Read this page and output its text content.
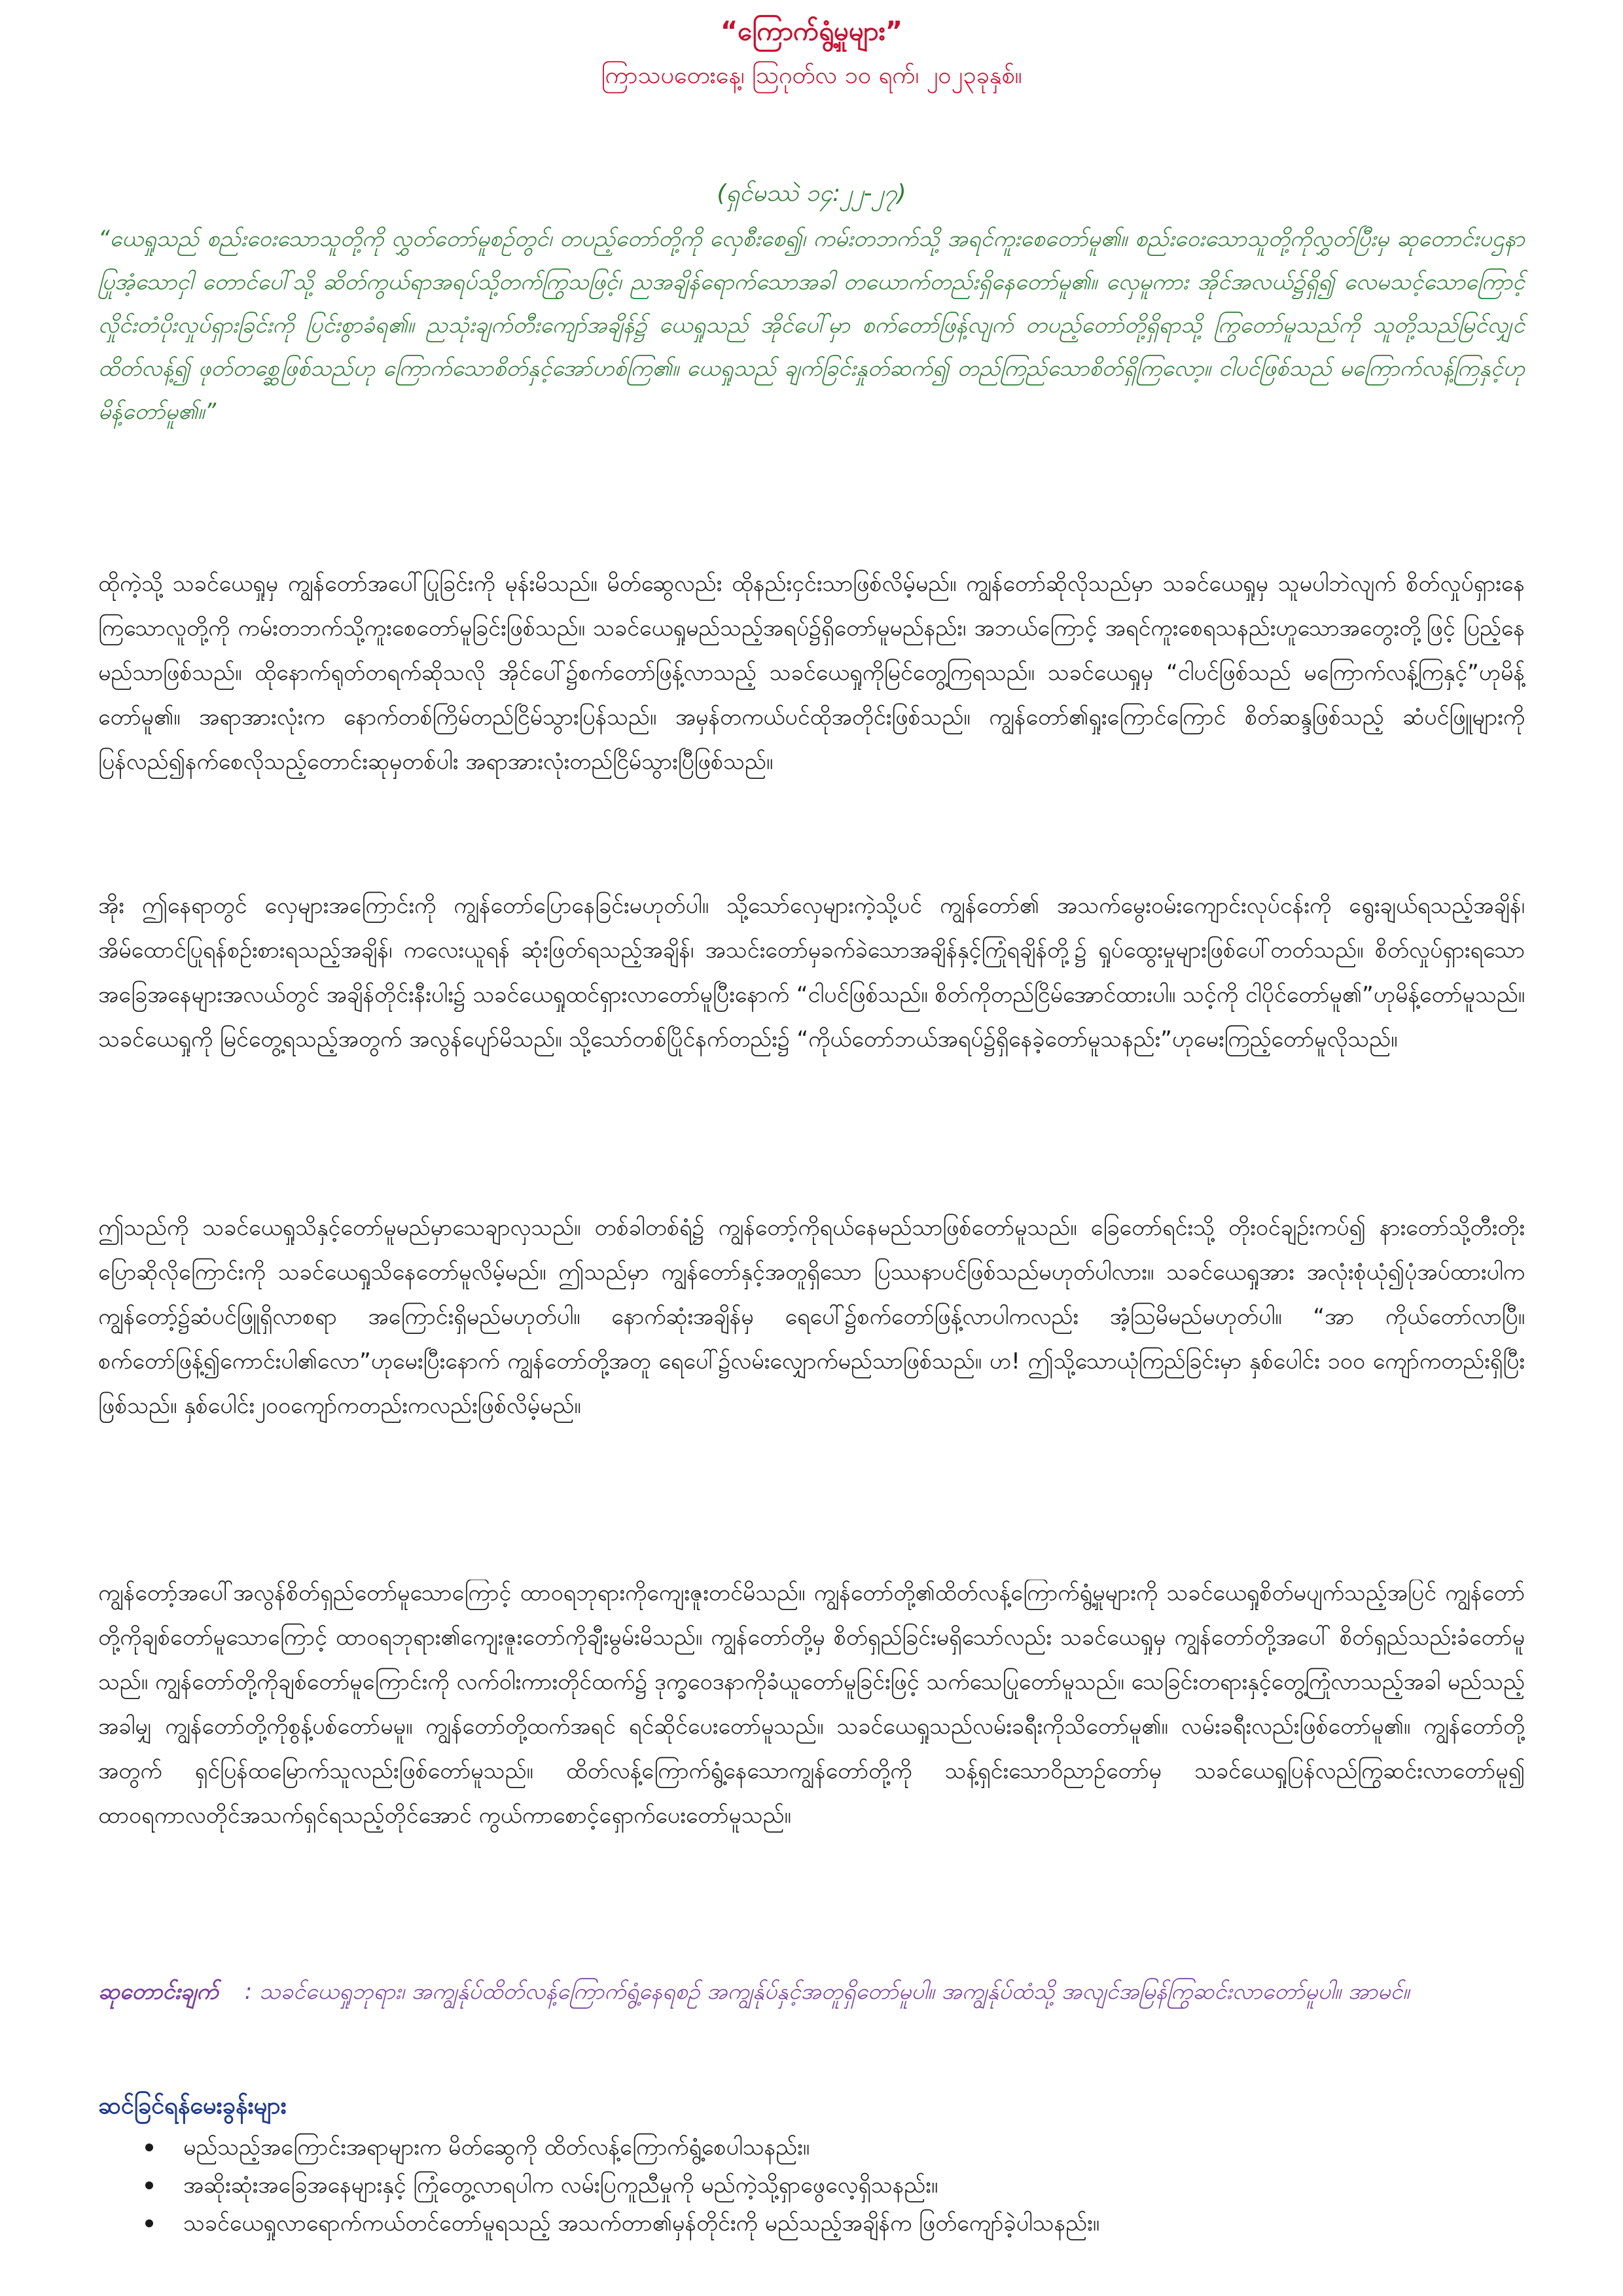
“ကြောက်ရွံ့မှုများ”
ကြာသပတေးနေ့၊ ဩဂုတ်လ ၁၀ ရက်၊ ၂၀၂၃ခုနှစ်။
(ရှင်မဿဲ ၁၄:၂၂-၂၇)
“ယေရှုသည် စည်းဝေးသောသူတို့ကို လွှတ်တော်မူစဉ်တွင်၊ တပည့်တော်တို့ကို လှေစီးစေ၍၊ ကမ်းတဘက်သို့ အရင်ကူးစေတော်မူ၏။ စည်းဝေးသောသူတို့ကိုလွှတ်ပြီးမှ ဆုတောင်းပဌနာပြုအံ့သောငှါ တောင်ပေါ်သို့ ဆိတ်ကွယ်ရာအရပ်သို့တက်ကြွသဖြင့်၊ ညအချိန်ရောက်သောအခါ တယောက်တည်းရှိနေတော်မူ၏။ လှေမူကား အိုင်အလယ်၌ရှိ၍ လေမသင့်သောကြောင့် လှိုင်းတံပိုးလှုပ်ရှားခြင်းကို ပြင်းစွာခံရ၏။ ညသုံးချက်တီးကျော်အချိန်၌ ယေရှုသည် အိုင်ပေါ်မှာ စက်တော်ဖြန့်လျက် တပည့်တော်တို့ရှိရာသို့ ကြွတော်မူသည်ကို သူတို့သည်မြင်လျှင် ထိတ်လန့်၍ ဖုတ်တစ္ဆေဖြစ်သည်ဟု ကြောက်သောစိတ်နှင့်အော်ဟစ်ကြ၏။ ယေရှုသည် ချက်ခြင်းနှုတ်ဆက်၍ တည်ကြည်သောစိတ်ရှိကြလော့။ ငါပင်ဖြစ်သည် မကြောက်လန့်ကြနှင့်ဟု မိန့်တော်မူ၏။”
ထိုကဲ့သို့ သခင်ယေရှုမှ ကျွန်တော်အပေါ်ပြုခြင်းကို မုန်းမိသည်။ မိတ်ဆွေလည်း ထိုနည်းငှင်းသာဖြစ်လိမ့်မည်။ ကျွန်တော်ဆိုလိုသည်မှာ သခင်ယေရှုမှ သူမပါဘဲလျက် စိတ်လှုပ်ရှားနေကြသောလူတို့ကို ကမ်းတဘက်သို့ကူးစေတော်မူခြင်းဖြစ်သည်။ သခင်ယေရှုမည်သည့်အရပ်၌ရှိတော်မူမည်နည်း၊ အဘယ်ကြောင့် အရင်ကူးစေရသနည်းဟူသောအတွေးတို့ဖြင့် ပြည့်နေမည်သာဖြစ်သည်။ ထိုနောက်ရုတ်တရက်ဆိုသလို အိုင်ပေါ်၌စက်တော်ဖြန့်လာသည့် သခင်ယေရှုကိုမြင်တွေ့ကြရသည်။ သခင်ယေရှုမှ “ငါပင်ဖြစ်သည် မကြောက်လန့်ကြနှင့်”ဟုမိန့်တော်မူ၏။ အရာအားလုံးက နောက်တစ်ကြိမ်တည်ငြိမ်သွားပြန်သည်။ အမှန်တကယ်ပင်ထိုအတိုင်းဖြစ်သည်။ ကျွန်တော်၏ရှုးကြောင်ကြောင် စိတ်ဆန္ဒဖြစ်သည့် ဆံပင်ဖြူများကို ပြန်လည်၍နက်စေလိုသည့်တောင်းဆုမှတစ်ပါး အရာအားလုံးတည်ငြိမ်သွားပြီဖြစ်သည်။
အိုး ဤနေရာတွင် လှေများအကြောင်းကို ကျွန်တော်ပြောနေခြင်းမဟုတ်ပါ။ သို့သော်လှေများကဲ့သို့ပင် ကျွန်တော်၏ အသက်မွေးဝမ်းကျောင်းလုပ်ငန်းကို ရွေးချယ်ရသည့်အချိန်၊ အိမ်ထောင်ပြုရန်စဉ်းစားရသည့်အချိန်၊ ကလေးယူရန် ဆုံးဖြတ်ရသည့်အချိန်၊ အသင်းတော်မှခက်ခဲသောအချိန်နှင့်ကြုံရချိန်တို့၌ ရှုပ်ထွေးမှုများဖြစ်ပေါ်တတ်သည်။ စိတ်လှုပ်ရှားရသောအခြေအနေများအလယ်တွင် အချိန်တိုင်းနီးပါး၌ သခင်ယေရှုထင်ရှားလာတော်မူပြီးနောက် “ငါပင်ဖြစ်သည်။ စိတ်ကိုတည်ငြိမ်အောင်ထားပါ။ သင့်ကို ငါပိုင်တော်မူ၏”ဟုမိန့်တော်မူသည်။ သခင်ယေရှုကို မြင်တွေ့ရသည့်အတွက် အလွန်ပျော်မိသည်။ သို့သော်တစ်ပြိုင်နက်တည်း၌ “ကိုယ်တော်ဘယ်အရပ်၌ရှိနေခဲ့တော်မူသနည်း”ဟုမေးကြည့်တော်မူလိုသည်။
ဤသည်ကို သခင်ယေရှုသိနှင့်တော်မူမည်မှာသေချာလှသည်။ တစ်ခါတစ်ရံ၌ ကျွန်တော့်ကိုရယ်နေမည်သာဖြစ်တော်မူသည်။ ခြေတော်ရင်းသို့ တိုးဝင်ချဉ်းကပ်၍ နားတော်သို့တီးတိုးပြောဆိုလိုကြောင်းကို သခင်ယေရှုသိနေတော်မူလိမ့်မည်။ ဤသည်မှာ ကျွန်တော်နှင့်အတူရှိသော ပြဿနာပင်ဖြစ်သည်မဟုတ်ပါလား။ သခင်ယေရှုအား အလုံးစုံယုံ၍ပုံအပ်ထားပါက ကျွန်တော့်၌ဆံပင်ဖြူရှိလာစရာ အကြောင်းရှိမည်မဟုတ်ပါ။ နောက်ဆုံးအချိန်မှ ရေပေါ်၌စက်တော်ဖြန့်လာပါကလည်း အံ့ဩမိမည်မဟုတ်ပါ။ “အာ ကိုယ်တော်လာပြီ။ စက်တော်ဖြန့်၍ကောင်းပါ၏လော”ဟုမေးပြီးနောက် ကျွန်တော်တို့အတူ ရေပေါ်၌လမ်းလျှောက်မည်သာဖြစ်သည်။ ဟ! ဤသို့သောယုံကြည်ခြင်းမှာ နှစ်ပေါင်း ၁၀၀ ကျော်ကတည်းရှိပြီးဖြစ်သည်။ နှစ်ပေါင်း၂၀၀ကျော်ကတည်းကလည်းဖြစ်လိမ့်မည်။
ကျွန်တော့်အပေါ်အလွန်စိတ်ရှည်တော်မူသောကြောင့် ထာဝရဘုရားကိုကျေးဇူးတင်မိသည်။ ကျွန်တော်တို့၏ထိတ်လန့်ကြောက်ရွံ့မှုများကို သခင်ယေရှုစိတ်မပျက်သည့်အပြင် ကျွန်တော်တို့ကိုချစ်တော်မူသောကြောင့် ထာဝရဘုရား၏ကျေးဇူးတော်ကိုချီးမွမ်းမိသည်။ ကျွန်တော်တို့မှ စိတ်ရှည်ခြင်းမရှိသော်လည်း သခင်ယေရှုမှ ကျွန်တော်တို့အပေါ် စိတ်ရှည်သည်းခံတော်မူသည်။ ကျွန်တော်တို့ကိုချစ်တော်မူကြောင်းကို လက်ဝါးကားတိုင်ထက်၌ ဒုက္ခဝေဒနာကိုခံယူတော်မူခြင်းဖြင့် သက်သေပြုတော်မူသည်။ သေခြင်းတရားနှင့်တွေ့ကြုံလာသည့်အခါ မည်သည့်အခါမျှ ကျွန်တော်တို့ကိုစွန့်ပစ်တော်မမူ။ ကျွန်တော်တို့ထက်အရင် ရင်ဆိုင်ပေးတော်မူသည်။ သခင်ယေရှုသည်လမ်းခရီးကိုသိတော်မူ၏။ လမ်းခရီးလည်းဖြစ်တော်မူ၏။ ကျွန်တော်တို့အတွက် ရှင်ပြန်ထမြောက်သူလည်းဖြစ်တော်မူသည်။ ထိတ်လန့်ကြောက်ရွံ့နေသောကျွန်တော်တို့ကို သန့်ရှင်းသောဝိညာဉ်တော်မှ သခင်ယေရှုပြန်လည်ကြွဆင်းလာတော်မူ၍ ထာဝရကာလတိုင်အသက်ရှင်ရသည့်တိုင်အောင် ကွယ်ကာစောင့်ရှောက်ပေးတော်မူသည်။
ဆုတောင်းချက် : သခင်ယေရှုဘုရား၊ အကျွန်ုပ်ထိတ်လန့်ကြောက်ရွံ့နေရစဉ် အကျွန်ုပ်နှင့်အတူရှိတော်မူပါ။ အကျွန်ုပ်ထံသို့ အလျင်အမြန်ကြွဆင်းလာတော်မူပါ။ အာမင်။
ဆင်ခြင်ရန်မေးခွန်းများ
မည်သည့်အကြောင်းအရာများက မိတ်ဆွေကို ထိတ်လန့်ကြောက်ရွံ့စေပါသနည်း။
အဆိုးဆုံးအခြေအနေများနှင့် ကြုံတွေ့လာရပါက လမ်းပြကူညီမှုကို မည်ကဲ့သို့ရှာဖွေလေ့ရှိသနည်း။
သခင်ယေရှုလာရောက်ကယ်တင်တော်မူရသည့် အသက်တာ၏မှန်တိုင်းကို မည်သည့်အချိန်က ဖြတ်ကျော်ခဲ့ပါသနည်း။
